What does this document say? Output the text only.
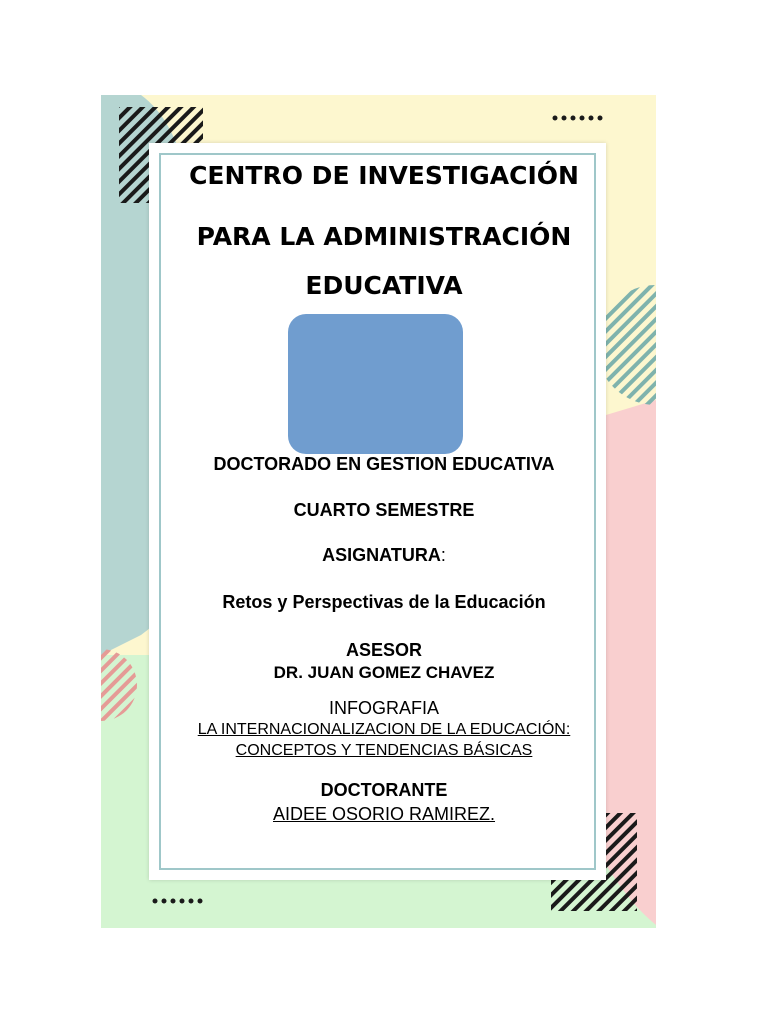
CENTRO DE INVESTIGACIÓN
PARA LA ADMINISTRACIÓN
EDUCATIVA
DOCTORADO EN GESTION EDUCATIVA
CUARTO SEMESTRE
ASIGNATURA:
Retos y Perspectivas de la Educación
ASESOR
DR. JUAN GOMEZ CHAVEZ
INFOGRAFIA
LA INTERNACIONALIZACION DE LA EDUCACIÓN:
CONCEPTOS Y TENDENCIAS BÁSICAS
DOCTORANTE
AIDEE OSORIO RAMIREZ.
